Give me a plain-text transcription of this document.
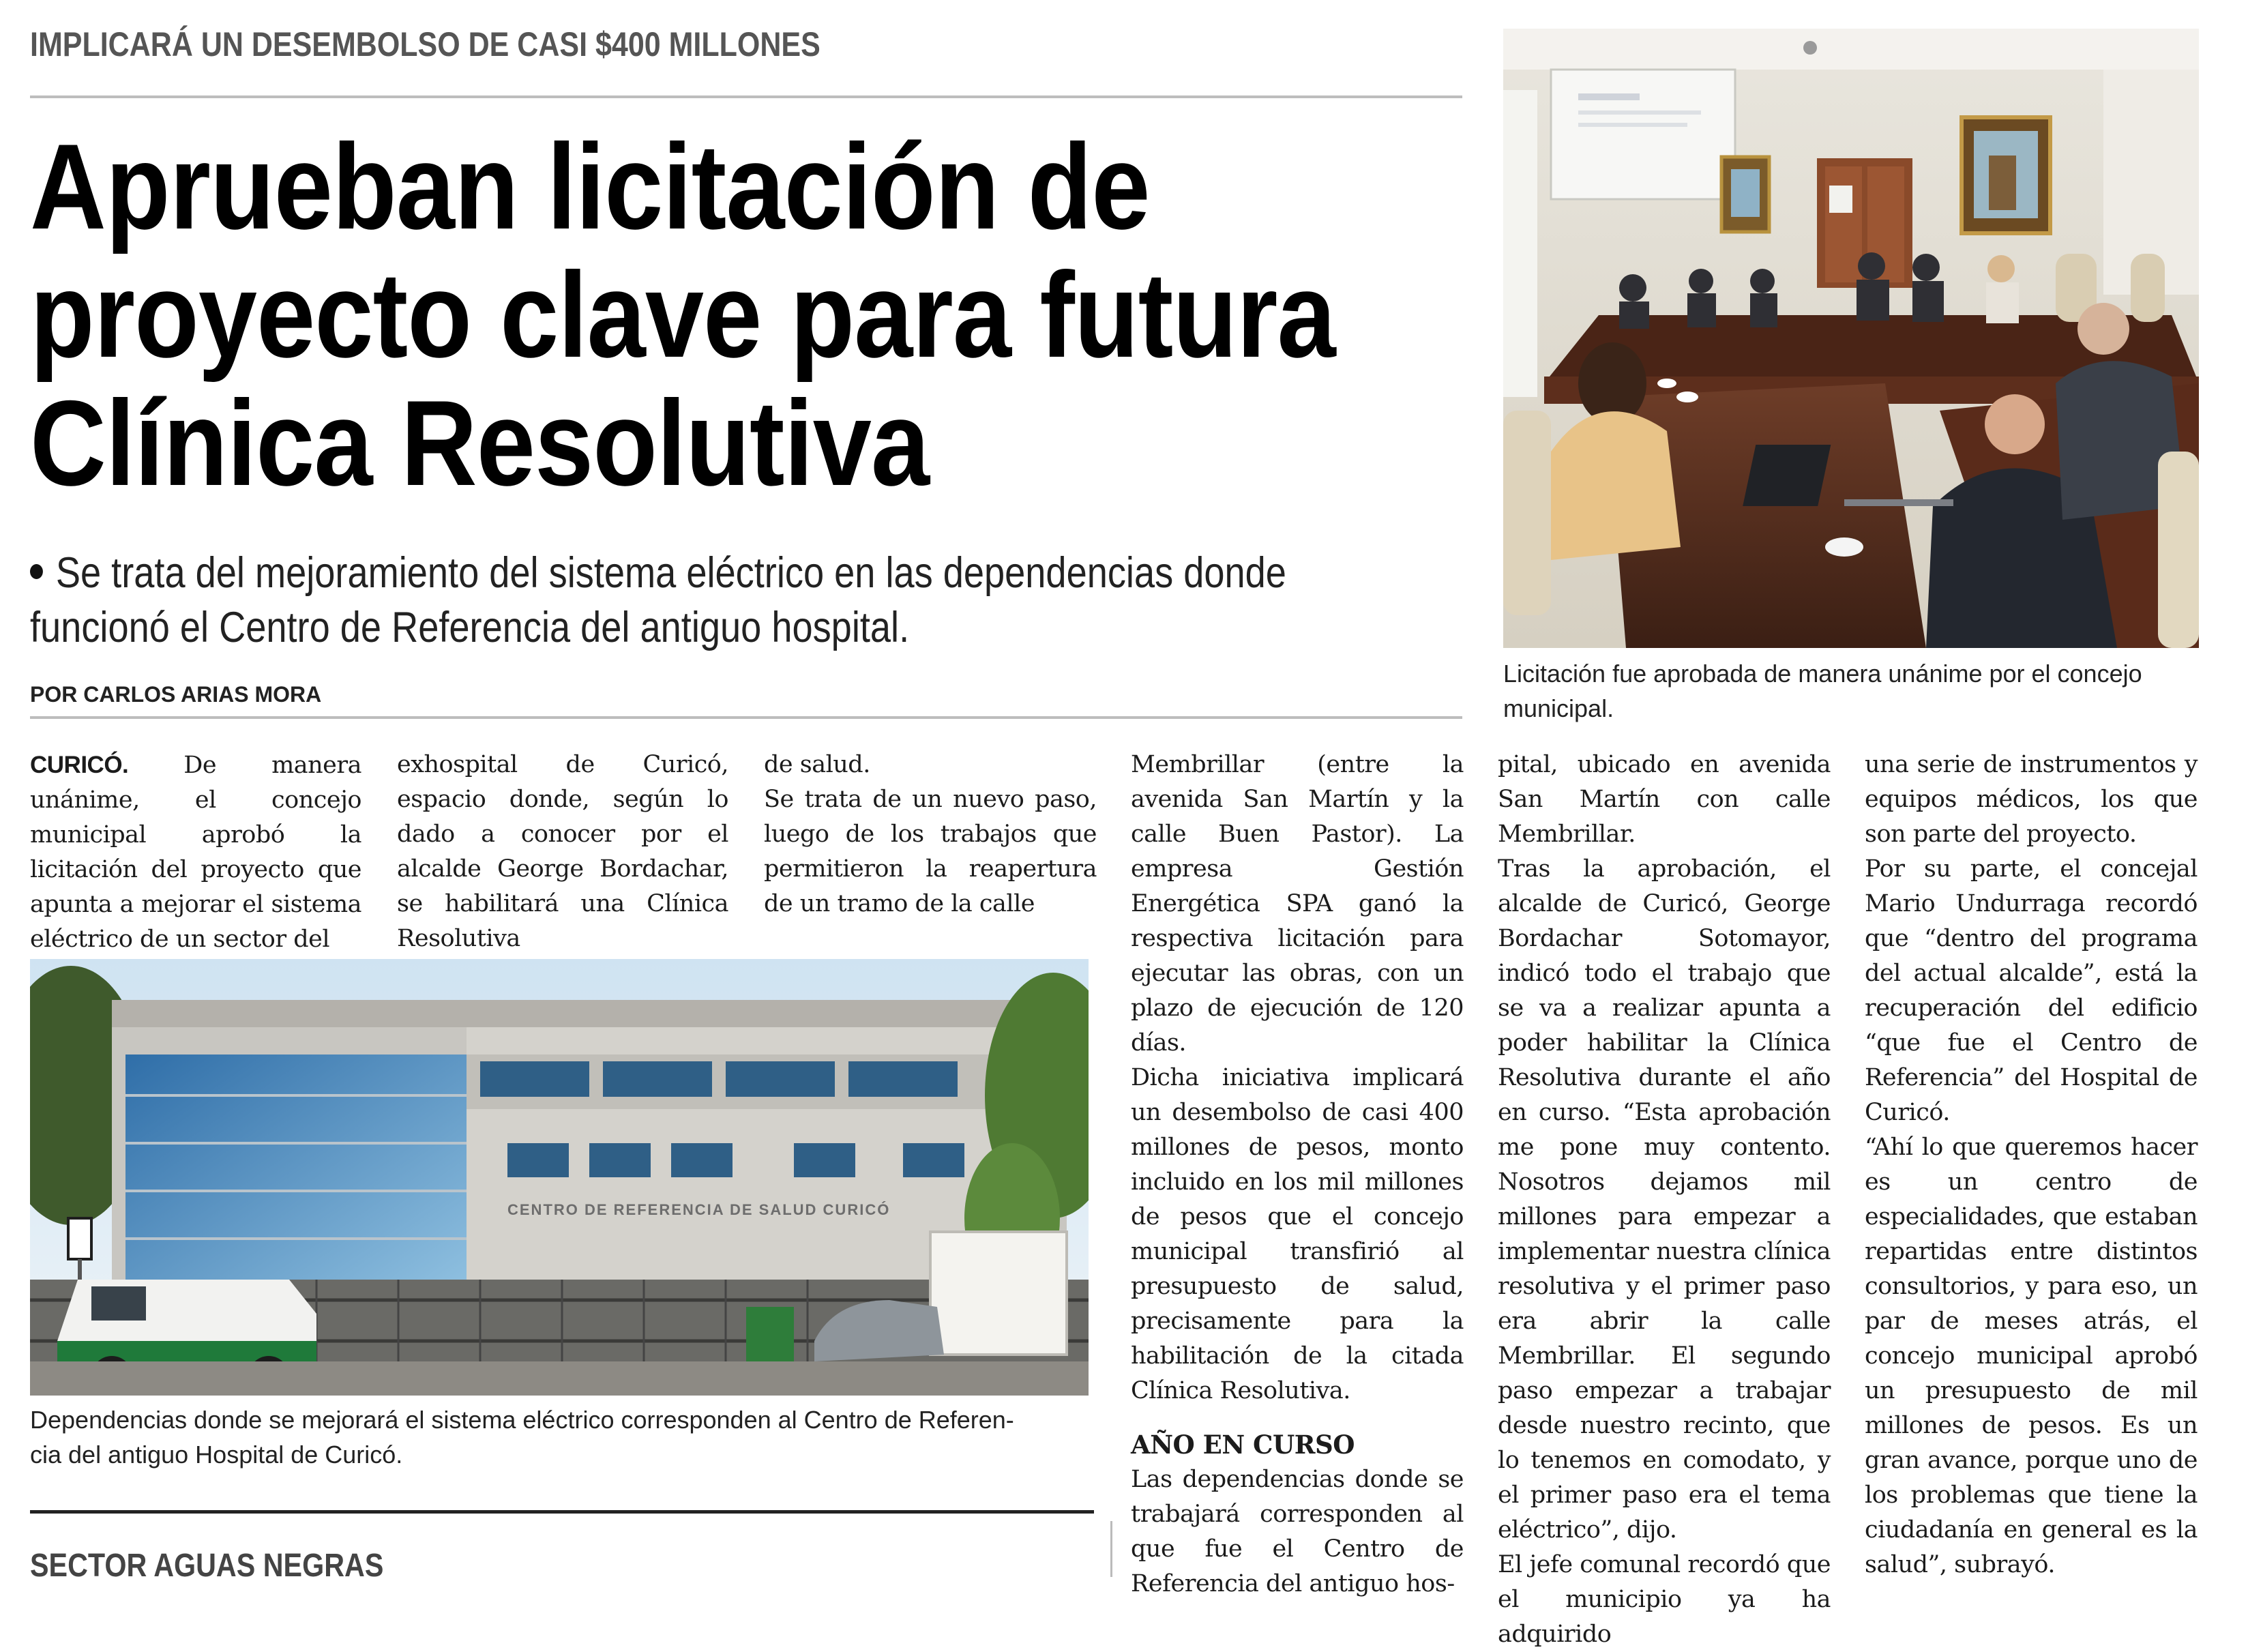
IMPLICARÁ UN DESEMBOLSO DE CASI $400 MILLONES
Aprueban licitación de
proyecto clave para futura
Clínica Resolutiva
Se trata del mejoramiento del sistema eléctrico en las dependencias donde
funcionó el Centro de Referencia del antiguo hospital.
POR CARLOS ARIAS MORA
Licitación fue aprobada de manera unánime por el concejo
municipal.

CURICÓ. De manera unánime, el concejo municipal aprobó la licitación del proyecto que apunta a mejorar el sistema eléctrico de un sector del

exhospital de Curicó, espacio donde, según lo dado a conocer por el alcalde George Bordachar, se habilitará una Clínica Resolutiva

de salud.

Se trata de un nuevo paso, luego de los trabajos que permitieron la reapertura de un tramo de la calle

CENTRO DE REFERENCIA DE SALUD CURICÓ
Dependencias donde se mejorará el sistema eléctrico corresponden al Centro de Referen-
cia del antiguo Hospital de Curicó.

Membrillar (entre la avenida San Martín y la calle Buen Pastor). La empresa Gestión Energética SPA ganó la respectiva licitación para ejecutar las obras, con un plazo de ejecución de 120 días.

Dicha iniciativa implicará un desembolso de casi 400 millones de pesos, monto incluido en los mil millones de pesos que el concejo municipal transfirió al presupuesto de salud, precisamente para la habilitación de la citada Clínica Resolutiva.

AÑO EN CURSO

Las dependencias donde se trabajará corresponden al que fue el Centro de Referencia del antiguo hos-

pital, ubicado en avenida San Martín con calle Membrillar.

Tras la aprobación, el alcalde de Curicó, George Bordachar Sotomayor, indicó todo el trabajo que se va a realizar apunta a poder habilitar la Clínica Resolutiva durante el año en curso. “Esta aprobación me pone muy contento. Nosotros dejamos mil millones para empezar a implementar nuestra clínica resolutiva y el primer paso era abrir la calle Membrillar. El segundo paso empezar a trabajar desde nuestro recinto, que lo tenemos en comodato, y el primer paso era el tema eléctrico”, dijo.

El jefe comunal recordó que el municipio ya ha adquirido

una serie de instrumentos y equipos médicos, los que son parte del proyecto.

Por su parte, el concejal Mario Undurraga recordó que “dentro del programa del actual alcalde”, está la recuperación del edificio “que fue el Centro de Referencia” del Hospital de Curicó.

“Ahí lo que queremos hacer es un centro de especialidades, que estaban repartidas entre distintos consultorios, y para eso, un par de meses atrás, el concejo municipal aprobó un presupuesto de mil millones de pesos. Es un gran avance, porque uno de los problemas que tiene la ciudadanía en general es la salud”, subrayó.

SECTOR AGUAS NEGRAS
